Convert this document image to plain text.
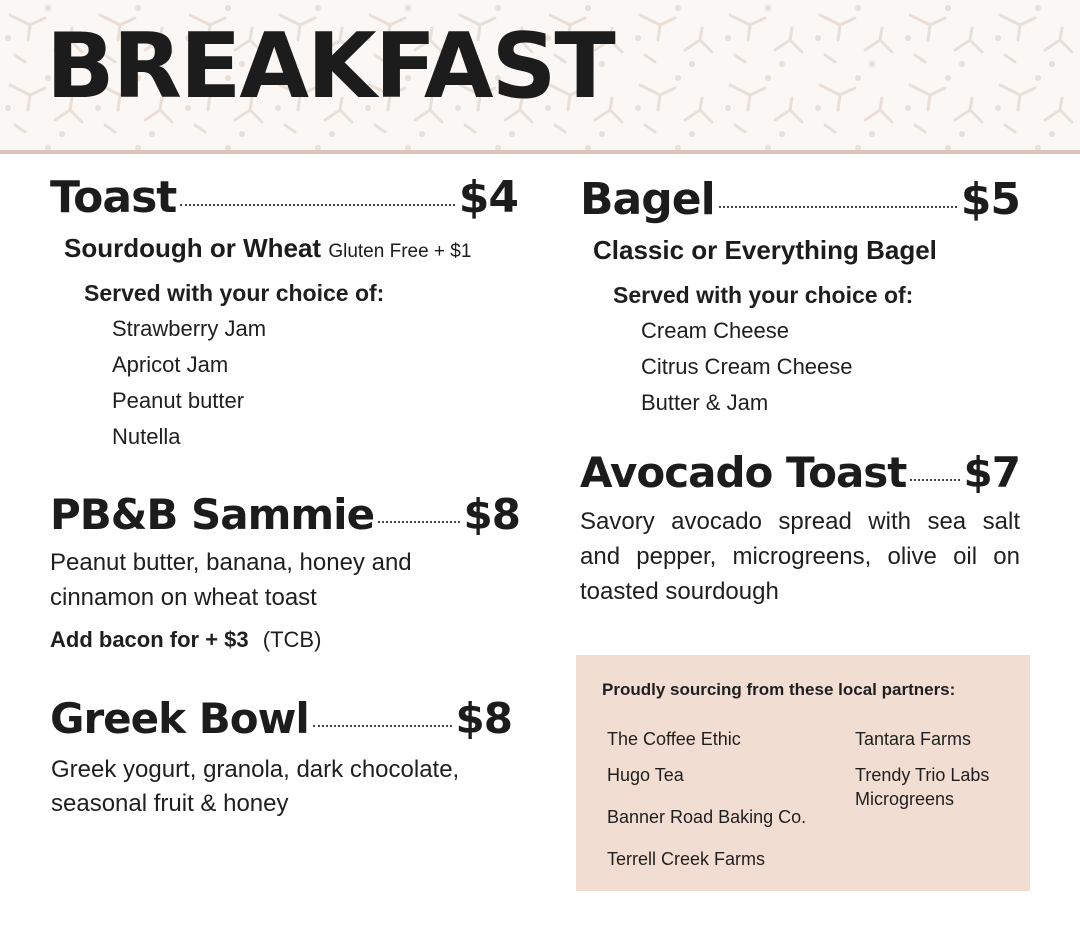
BREAKFAST
Toast	$4
Sourdough or Wheat Gluten Free + $1
Served with your choice of:
Strawberry Jam
Apricot Jam
Peanut butter
Nutella
PB&B Sammie $8
Peanut butter, banana, honey and
cinnamon on wheat toast
Add bacon for + $3 (TCB)
Greek Bowl	$8
Greek yogurt, granola, dark chocolate,
seasonal fruit & honey
Bagel	$5
Classic or Everything Bagel
Served with your choice of:
Cream Cheese
Citrus Cream Cheese
Butter & Jam
Avocado Toast $7
Savory avocado spread with sea salt
and pepper, microgreens, olive oil on
toasted sourdough
Proudly sourcing from these local partners:
The Coffee Ethic
Hugo Tea
Banner Road Baking Co.
Terrell Creek Farms
Tantara Farms
Trendy Trio Labs
Microgreens
